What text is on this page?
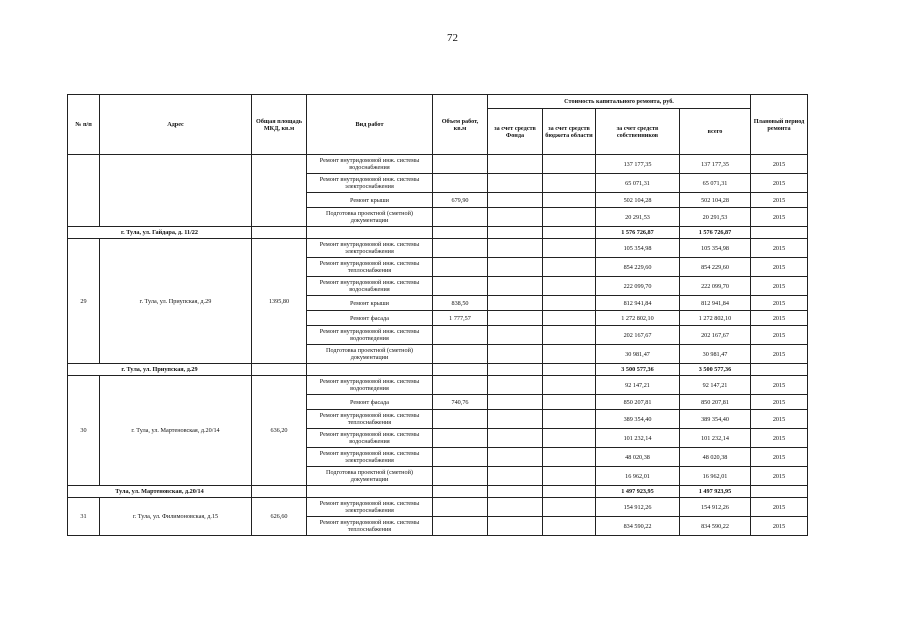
72
№ п/п	Адрес	Общая площадь МКД, кв.м	Вид работ	Объем работ, кв.м	Стоимость капитального ремонта, руб.				Плановый период ремонта
					за счет средств Фонда	за счет средств бюджета области	за счет средств собственников	всего	
			Ремонт внутридомовой инж. системы водоснабжения				137 177,35	137 177,35	2015
			Ремонт внутридомовой инж. системы электроснабжения				65 071,31	65 071,31	2015
			Ремонт крыши	679,90			502 104,28	502 104,28	2015
			Подготовка проектной (сметной) документации				20 291,53	20 291,53	2015
г. Тула, ул. Гайдара, д. 11/22							1 576 726,87	1 576 726,87	
29	г. Тула, ул. Приупская, д.29	1395,80	Ремонт внутридомовой инж. системы электроснабжения				105 354,98	105 354,98	2015
			Ремонт внутридомовой инж. системы теплоснабжения				854 229,60	854 229,60	2015
			Ремонт внутридомовой инж. системы водоснабжения				222 099,70	222 099,70	2015
			Ремонт крыши	838,50			812 941,84	812 941,84	2015
			Ремонт фасада	1 777,57			1 272 802,10	1 272 802,10	2015
			Ремонт внутридомовой инж. системы водоотведения				202 167,67	202 167,67	2015
			Подготовка проектной (сметной) документации				30 981,47	30 981,47	2015
г. Тула, ул. Приупская, д.29							3 500 577,36	3 500 577,36	
30	г. Тула, ул. Мартеновская, д.20/14	636,20	Ремонт внутридомовой инж. системы водоотведения				92 147,21	92 147,21	2015
			Ремонт фасада	740,76			850 207,81	850 207,81	2015
			Ремонт внутридомовой инж. системы теплоснабжения				389 354,40	389 354,40	2015
			Ремонт внутридомовой инж. системы водоснабжения				101 232,14	101 232,14	2015
			Ремонт внутридомовой инж. системы электроснабжения				48 020,38	48 020,38	2015
			Подготовка проектной (сметной) документации				16 962,01	16 962,01	2015
Тула, ул. Мартеновская, д.20/14							1 497 923,95	1 497 923,95	
31	г. Тула, ул. Филимоновская, д.15	626,60	Ремонт внутридомовой инж. системы электроснабжения				154 912,26	154 912,26	2015
			Ремонт внутридомовой инж. системы теплоснабжения				834 590,22	834 590,22	2015
